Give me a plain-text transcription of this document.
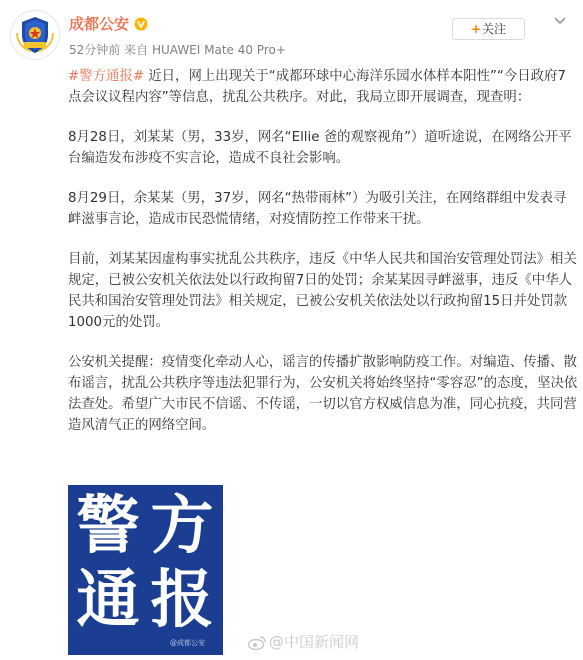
成都公安
52分钟前 来自 HUAWEI Mate 40 Pro+
+关注

#警方通报# 近日，网上出现关于“成都环球中心海洋乐园水体样本阳性”“今日政府7点会议议程内容”等信息，扰乱公共秩序。对此，我局立即开展调查，现查明：

8月28日，刘某某（男，33岁，网名“Ellie 爸的观察视角”）道听途说，在网络公开平台编造发布涉疫不实言论，造成不良社会影响。

8月29日，余某某（男，37岁，网名“热带雨林”）为吸引关注，在网络群组中发表寻衅滋事言论，造成市民恐慌情绪，对疫情防控工作带来干扰。

目前，刘某某因虚构事实扰乱公共秩序，违反《中华人民共和国治安管理处罚法》相关规定，已被公安机关依法处以行政拘留7日的处罚；余某某因寻衅滋事，违反《中华人民共和国治安管理处罚法》相关规定，已被公安机关依法处以行政拘留15日并处罚款1000元的处罚。

公安机关提醒：疫情变化牵动人心，谣言的传播扩散影响防疫工作。对编造、传播、散布谣言，扰乱公共秩序等违法犯罪行为，公安机关将始终坚持“零容忍”的态度，坚决依法查处。希望广大市民不信谣、不传谣，一切以官方权威信息为准，同心抗疫，共同营造风清气正的网络空间。

警 方
通 报
@成都公安	@中国新闻网
